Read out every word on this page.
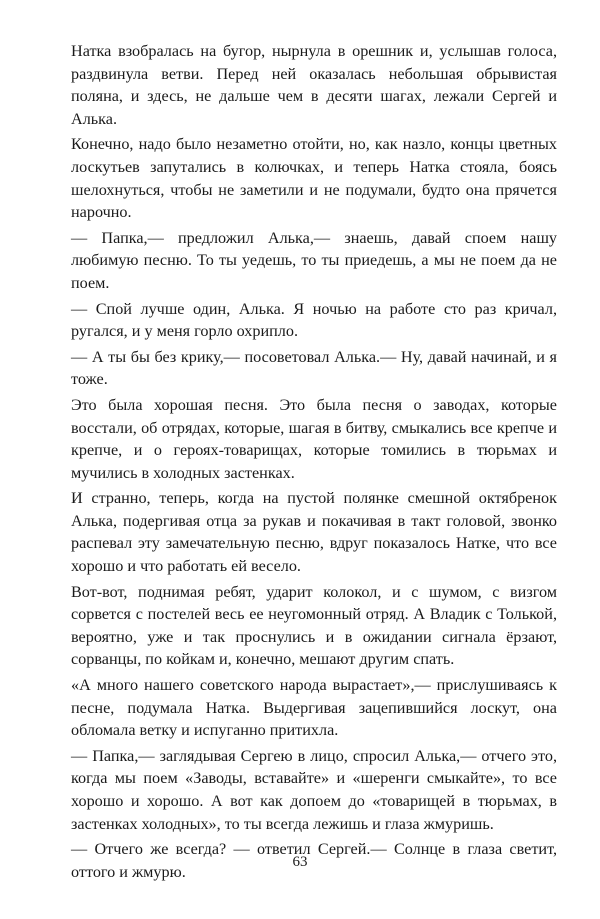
Натка взобралась на бугор, нырнула в орешник и, услышав голоса, раздвинула ветви. Перед ней оказалась небольшая обрывистая поляна, и здесь, не дальше чем в десяти шагах, лежали Сергей и Алька.

Конечно, надо было незаметно отойти, но, как назло, концы цветных лоскутьев запутались в колючках, и теперь Натка стояла, боясь шелохнуться, чтобы не заметили и не подумали, будто она прячется нарочно.

— Папка,— предложил Алька,— знаешь, давай споем нашу любимую песню. То ты уедешь, то ты приедешь, а мы не поем да не поем.

— Спой лучше один, Алька. Я ночью на работе сто раз кричал, ругался, и у меня горло охрипло.

— А ты бы без крику,— посоветовал Алька.— Ну, давай начинай, и я тоже.

Это была хорошая песня. Это была песня о заводах, которые восстали, об отрядах, которые, шагая в битву, смыкались все крепче и крепче, и о героях-товарищах, которые томились в тюрьмах и мучились в холодных застенках.

И странно, теперь, когда на пустой полянке смешной октябренок Алька, подергивая отца за рукав и покачивая в такт головой, звонко распевал эту замечательную песню, вдруг показалось Натке, что все хорошо и что работать ей весело.

Вот-вот, поднимая ребят, ударит колокол, и с шумом, с визгом сорвется с постелей весь ее неугомонный отряд. А Владик с Толькой, вероятно, уже и так проснулись и в ожидании сигнала ёрзают, сорванцы, по койкам и, конечно, мешают другим спать.

«А много нашего советского народа вырастает»,— прислушиваясь к песне, подумала Натка. Выдергивая зацепившийся лоскут, она обломала ветку и испуганно притихла.

— Папка,— заглядывая Сергею в лицо, спросил Алька,— отчего это, когда мы поем «Заводы, вставайте» и «шеренги смыкайте», то все хорошо и хорошо. А вот как допоем до «товарищей в тюрьмах, в застенках холодных», то ты всегда лежишь и глаза жмуришь.

— Отчего же всегда? — ответил Сергей.— Солнце в глаза светит, оттого и жмурю.

63
